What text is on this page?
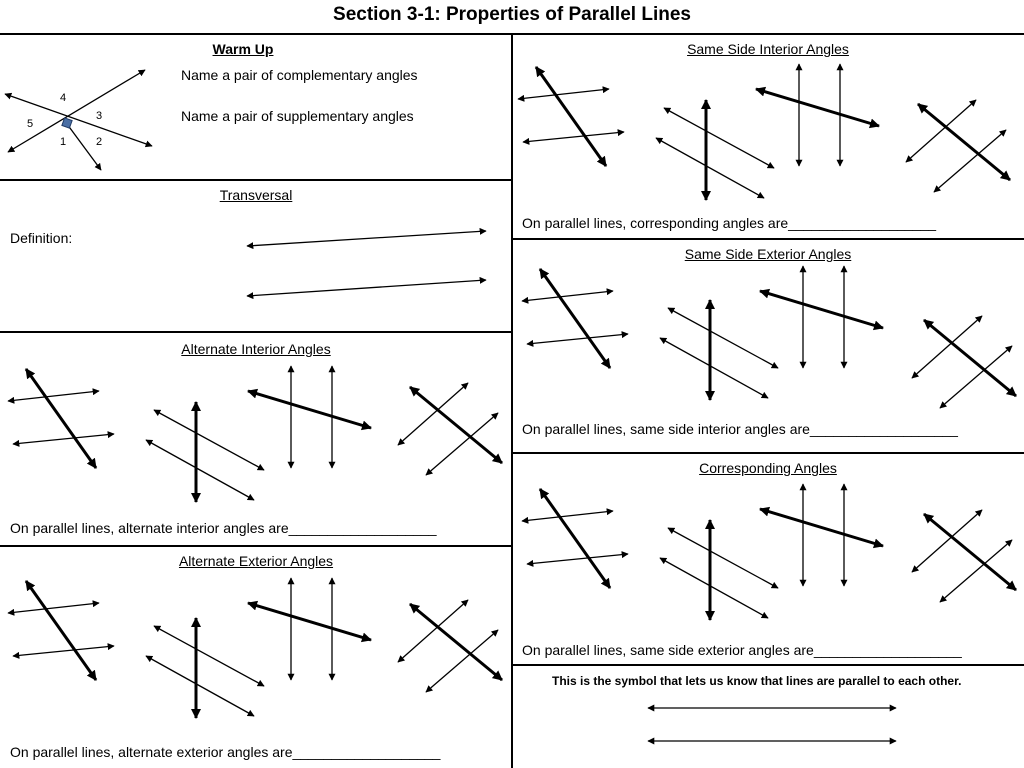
Section 3-1: Properties of Parallel Lines
Warm Up
Name a pair of complementary angles
Name a pair of supplementary angles
4
3
5
1	2
Transversal
Definition:
Alternate Interior Angles
On parallel lines, alternate interior angles are___________________
Alternate Exterior Angles
On parallel lines, alternate exterior angles are___________________
Same Side Interior Angles
On parallel lines, corresponding angles are___________________
Same Side Exterior Angles
On parallel lines, same side interior angles are___________________
Corresponding Angles
On parallel lines, same side exterior angles are___________________
This is the symbol that lets us know that lines are parallel to each other.
